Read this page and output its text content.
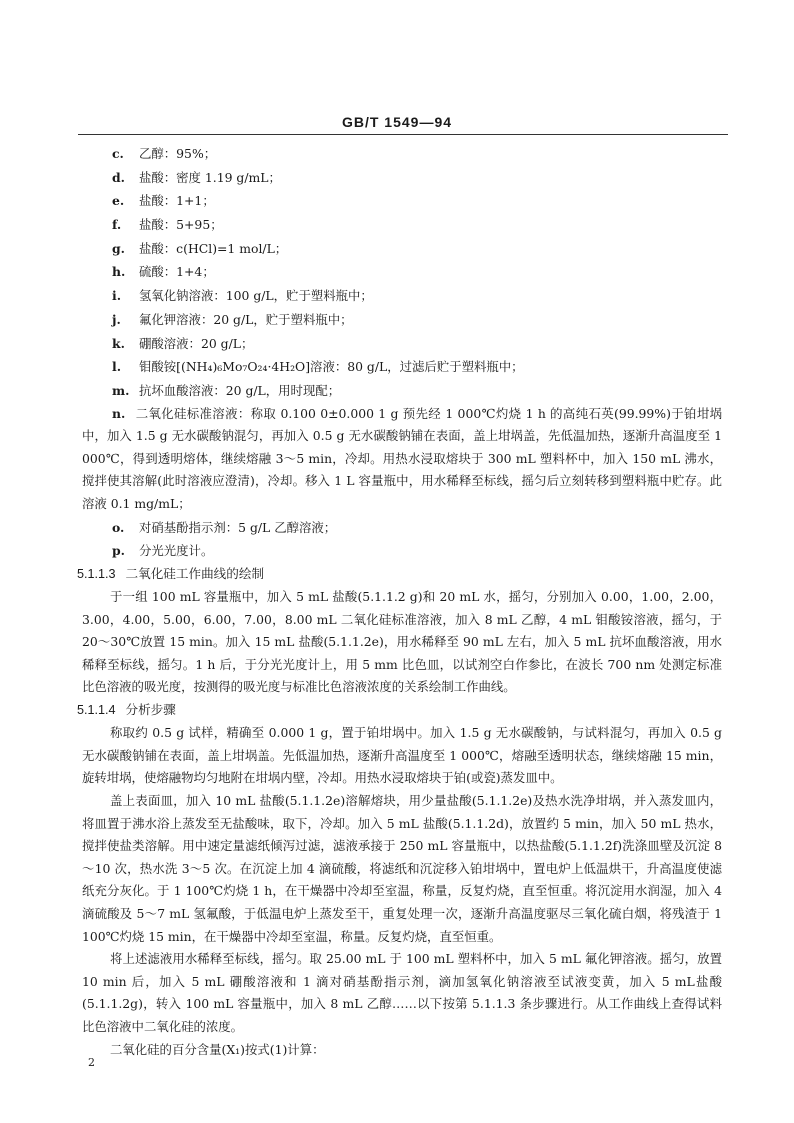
GB/T 1549—94
c. 乙醇：95%；
d. 盐酸：密度 1.19 g/mL；
e. 盐酸：1+1；
f. 盐酸：5+95；
g. 盐酸：c(HCl)=1 mol/L；
h. 硫酸：1+4；
i. 氢氧化钠溶液：100 g/L，贮于塑料瓶中；
j. 氟化钾溶液：20 g/L，贮于塑料瓶中；
k. 硼酸溶液：20 g/L；
l. 钼酸铵[(NH₄)₆Mo₇O₂₄·4H₂O]溶液：80 g/L，过滤后贮于塑料瓶中；
m. 抗坏血酸溶液：20 g/L，用时现配；

n. 二氧化硅标准溶液：称取 0.100 0±0.000 1 g 预先经 1 000℃灼烧 1 h 的高纯石英(99.99%)于铂坩埚中，加入 1.5 g 无水碳酸钠混匀，再加入 0.5 g 无水碳酸钠铺在表面，盖上坩埚盖，先低温加热，逐渐升高温度至 1 000℃，得到透明熔体，继续熔融 3～5 min，冷却。用热水浸取熔块于 300 mL 塑料杯中，加入 150 mL 沸水，搅拌使其溶解(此时溶液应澄清)，冷却。移入 1 L 容量瓶中，用水稀释至标线，摇匀后立刻转移到塑料瓶中贮存。此溶液 0.1 mg/mL；

o. 对硝基酚指示剂：5 g/L 乙醇溶液；
p. 分光光度计。
5.1.1.3 二氧化硅工作曲线的绘制

于一组 100 mL 容量瓶中，加入 5 mL 盐酸(5.1.1.2 g)和 20 mL 水，摇匀，分别加入 0.00，1.00，2.00，3.00，4.00，5.00，6.00，7.00，8.00 mL 二氧化硅标准溶液，加入 8 mL 乙醇，4 mL 钼酸铵溶液，摇匀，于 20～30℃放置 15 min。加入 15 mL 盐酸(5.1.1.2e)，用水稀释至 90 mL 左右，加入 5 mL 抗坏血酸溶液，用水稀释至标线，摇匀。1 h 后，于分光光度计上，用 5 mm 比色皿，以试剂空白作参比，在波长 700 nm 处测定标准比色溶液的吸光度，按测得的吸光度与标准比色溶液浓度的关系绘制工作曲线。

5.1.1.4 分析步骤

称取约 0.5 g 试样，精确至 0.000 1 g，置于铂坩埚中。加入 1.5 g 无水碳酸钠，与试料混匀，再加入 0.5 g 无水碳酸钠铺在表面，盖上坩埚盖。先低温加热，逐渐升高温度至 1 000℃，熔融至透明状态，继续熔融 15 min，旋转坩埚，使熔融物均匀地附在坩埚内壁，冷却。用热水浸取熔块于铂(或瓷)蒸发皿中。

盖上表面皿，加入 10 mL 盐酸(5.1.1.2e)溶解熔块，用少量盐酸(5.1.1.2e)及热水洗净坩埚，并入蒸发皿内，将皿置于沸水浴上蒸发至无盐酸味，取下，冷却。加入 5 mL 盐酸(5.1.1.2d)，放置约 5 min，加入 50 mL 热水，搅拌使盐类溶解。用中速定量滤纸倾泻过滤，滤液承接于 250 mL 容量瓶中，以热盐酸(5.1.1.2f)洗涤皿壁及沉淀 8～10 次，热水洗 3～5 次。在沉淀上加 4 滴硫酸，将滤纸和沉淀移入铂坩埚中，置电炉上低温烘干，升高温度使滤纸充分灰化。于 1 100℃灼烧 1 h，在干燥器中冷却至室温，称量，反复灼烧，直至恒重。将沉淀用水润湿，加入 4 滴硫酸及 5～7 mL 氢氟酸，于低温电炉上蒸发至干，重复处理一次，逐渐升高温度驱尽三氧化硫白烟，将残渣于 1 100℃灼烧 15 min，在干燥器中冷却至室温，称量。反复灼烧，直至恒重。

将上述滤液用水稀释至标线，摇匀。取 25.00 mL 于 100 mL 塑料杯中，加入 5 mL 氟化钾溶液。摇匀，放置 10 min 后，加入 5 mL 硼酸溶液和 1 滴对硝基酚指示剂，滴加氢氧化钠溶液至试液变黄，加入 5 mL盐酸(5.1.1.2g)，转入 100 mL 容量瓶中，加入 8 mL 乙醇……以下按第 5.1.1.3 条步骤进行。从工作曲线上查得试料比色溶液中二氧化硅的浓度。

二氧化硅的百分含量(X₁)按式(1)计算：

2
